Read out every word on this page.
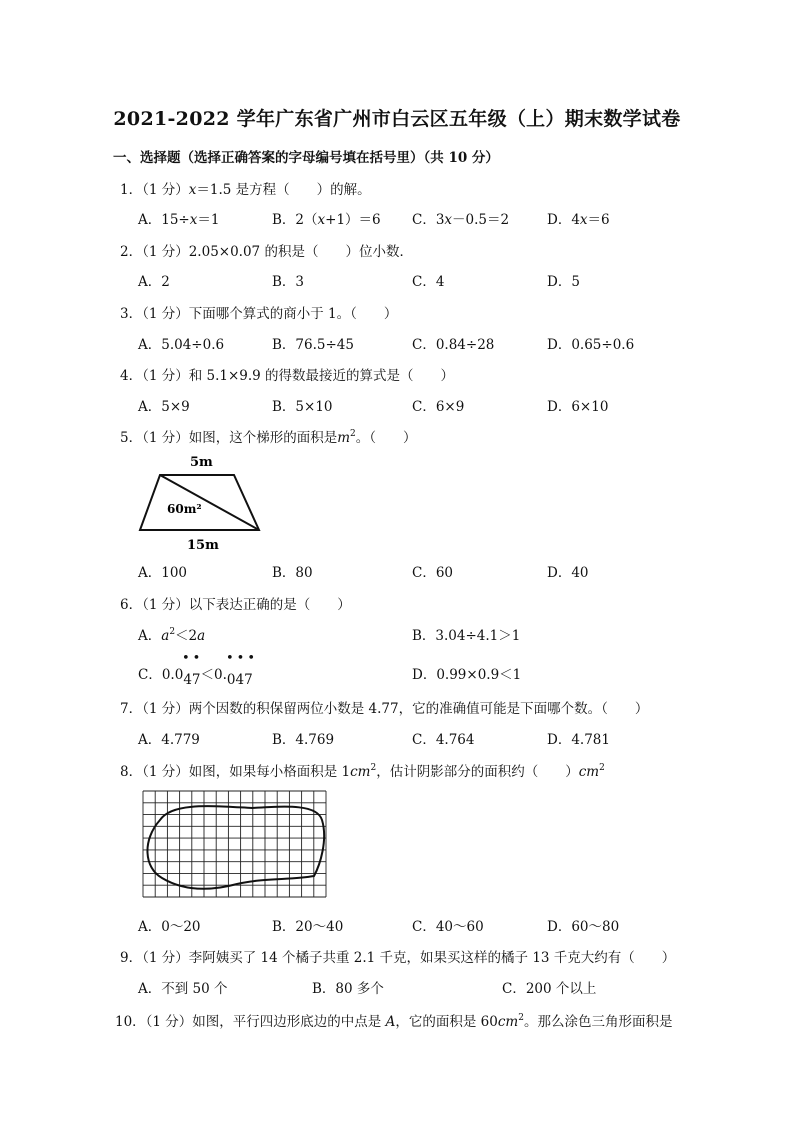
2021-2022 学年广东省广州市白云区五年级（上）期末数学试卷
一、选择题（选择正确答案的字母编号填在括号里）（共 10 分）
1．（1 分）x＝1.5 是方程（　　）的解。
A．15÷x＝1	B．2（x+1）＝6 C．3x－0.5＝2	D．4x＝6
2．（1 分）2.05×0.07 的积是（　　）位小数．
A．2	B．3	C．4	D．5
3．（1 分）下面哪个算式的商小于 1。（　　）
A．5.04÷0.6	B．76.5÷45	C．0.84÷28	D．0.65÷0.6
4．（1 分）和 5.1×9.9 的得数最接近的算式是（　　）
A．5×9	B．5×10	C．6×9	D．6×10
5．（1 分）如图，这个梯形的面积是$m^2$。（　　）
5m
60m²
15m
A．100	B．80	C．60	D．40
6．（1 分）以下表达正确的是（　　）
A．$a^2<2a$	B．3.04÷4.1＞1
C．0.047＜0.047
•• •••
D．0.99×0.9＜1
7．（1 分）两个因数的积保留两位小数是 4.77，它的准确值可能是下面哪个数。（　　）
A．4.779	B．4.769	C．4.764	D．4.781
8．（1 分）如图，如果每小格面积是 $1cm^2$，估计阴影部分的面积约（　　）$cm^2$
A．0～20	B．20～40	C．40～60	D．60～80
9．（1 分）李阿姨买了 14 个橘子共重 2.1 千克，如果买这样的橘子 13 千克大约有（　　）
A．不到 50 个	B．80 多个	C．200 个以上
10．（1 分）如图，平行四边形底边的中点是 A，它的面积是 $60cm^2$。那么涂色三角形面积是
